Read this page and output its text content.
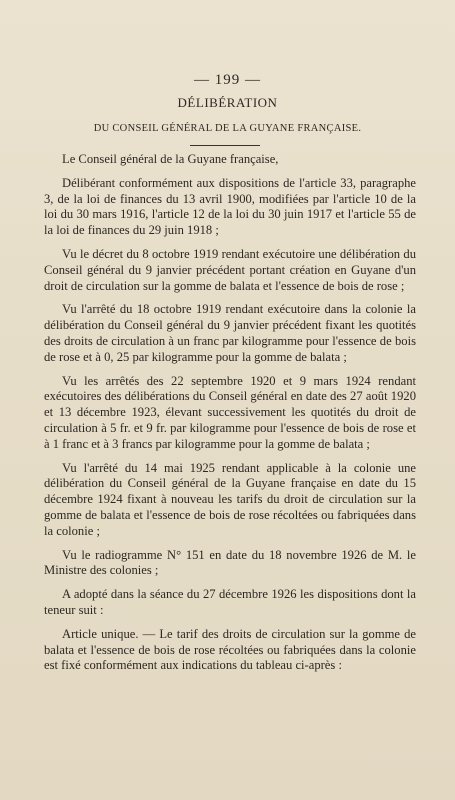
— 199 —
DÉLIBÉRATION
DU CONSEIL GÉNÉRAL DE LA GUYANE FRANÇAISE.

Le Conseil général de la Guyane française,

Délibérant conformément aux dispositions de l'article 33, paragraphe 3, de la loi de finances du 13 avril 1900, modifiées par l'article 10 de la loi du 30 mars 1916, l'article 12 de la loi du 30 juin 1917 et l'article 55 de la loi de finances du 29 juin 1918 ;

Vu le décret du 8 octobre 1919 rendant exécutoire une délibération du Conseil général du 9 janvier précédent portant création en Guyane d'un droit de circulation sur la gomme de balata et l'essence de bois de rose ;

Vu l'arrêté du 18 octobre 1919 rendant exécutoire dans la colonie la délibération du Conseil général du 9 janvier précédent fixant les quotités des droits de circulation à un franc par kilogramme pour l'essence de bois de rose et à 0, 25 par kilogramme pour la gomme de balata ;

Vu les arrêtés des 22 septembre 1920 et 9 mars 1924 rendant exécutoires des délibérations du Conseil général en date des 27 août 1920 et 13 décembre 1923, élevant successivement les quotités du droit de circulation à 5 fr. et 9 fr. par kilogramme pour l'essence de bois de rose et à 1 franc et à 3 francs par kilogramme pour la gomme de balata ;

Vu l'arrêté du 14 mai 1925 rendant applicable à la colonie une délibération du Conseil général de la Guyane française en date du 15 décembre 1924 fixant à nouveau les tarifs du droit de circulation sur la gomme de balata et l'essence de bois de rose récoltées ou fabriquées dans la colonie ;

Vu le radiogramme N° 151 en date du 18 novembre 1926 de M. le Ministre des colonies ;

A adopté dans la séance du 27 décembre 1926 les dispositions dont la teneur suit :

Article unique. — Le tarif des droits de circulation sur la gomme de balata et l'essence de bois de rose récoltées ou fabriquées dans la colonie est fixé conformément aux indications du tableau ci-après :
